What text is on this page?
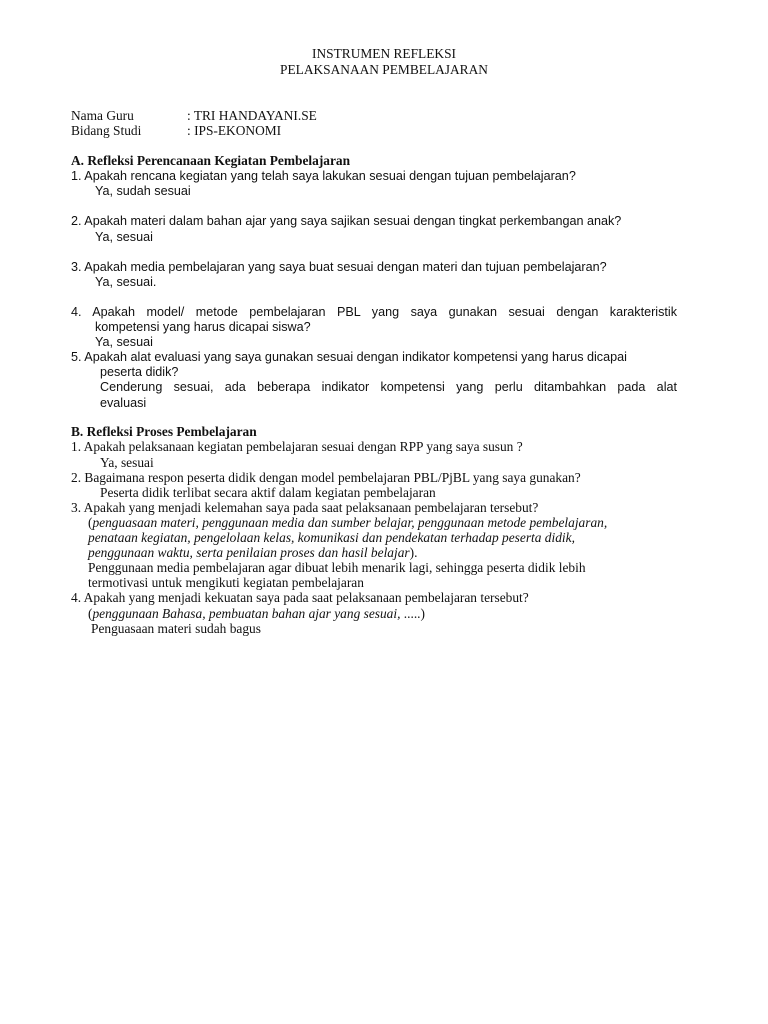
INSTRUMEN REFLEKSI
PELAKSANAAN PEMBELAJARAN
Nama Guru	: TRI HANDAYANI.SE
Bidang Studi	: IPS-EKONOMI
A. Refleksi Perencanaan Kegiatan Pembelajaran
1. Apakah rencana kegiatan yang telah saya lakukan sesuai dengan tujuan pembelajaran?
Ya, sudah sesuai
2. Apakah materi dalam bahan ajar yang saya sajikan sesuai dengan tingkat perkembangan anak?
Ya, sesuai
3. Apakah media pembelajaran yang saya buat sesuai dengan materi dan tujuan pembelajaran?
Ya, sesuai.
4. Apakah model/ metode pembelajaran PBL yang saya gunakan sesuai dengan karakteristik
kompetensi yang harus dicapai siswa?
Ya, sesuai
5. Apakah alat evaluasi yang saya gunakan sesuai dengan indikator kompetensi yang harus dicapai
peserta didik?
Cenderung sesuai, ada beberapa indikator kompetensi yang perlu ditambahkan pada alat
evaluasi
B. Refleksi Proses Pembelajaran
1. Apakah pelaksanaan kegiatan pembelajaran sesuai dengan RPP yang saya susun ?
Ya, sesuai
2. Bagaimana respon peserta didik dengan model pembelajaran PBL/PjBL yang saya gunakan?
Peserta didik terlibat secara aktif dalam kegiatan pembelajaran
3. Apakah yang menjadi kelemahan saya pada saat pelaksanaan pembelajaran tersebut?
(penguasaan materi, penggunaan media dan sumber belajar, penggunaan metode pembelajaran,
penataan kegiatan, pengelolaan kelas, komunikasi dan pendekatan terhadap peserta didik,
penggunaan waktu, serta penilaian proses dan hasil belajar).
Penggunaan media pembelajaran agar dibuat lebih menarik lagi, sehingga peserta didik lebih
termotivasi untuk mengikuti kegiatan pembelajaran
4. Apakah yang menjadi kekuatan saya pada saat pelaksanaan pembelajaran tersebut?
(penggunaan Bahasa, pembuatan bahan ajar yang sesuai, .....)
Penguasaan materi sudah bagus
